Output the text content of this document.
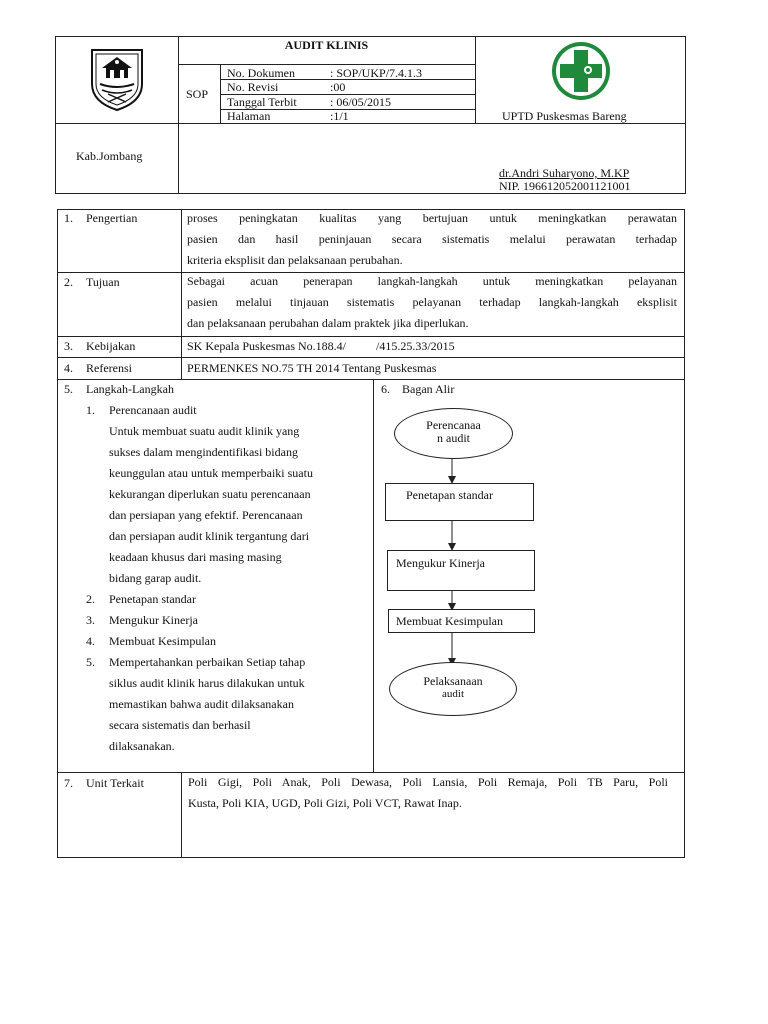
AUDIT KLINIS
SOP
No. Dokumen	: SOP/UKP/7.4.1.3
No. Revisi	:00
Tanggal Terbit	: 06/05/2015
Halaman	:1/1	UPTD Puskesmas Bareng
Kab.Jombang
dr.Andri Suharyono, M.KP
NIP. 196612052001121001
1. Pengertian	proses peningkatan kualitas yang bertujuan untuk meningkatkan perawatan
pasien dan hasil peninjauan secara sistematis melalui perawatan terhadap
kriteria eksplisit dan pelaksanaan perubahan.
2. Tujuan	Sebagai acuan penerapan langkah-langkah untuk meningkatkan pelayanan
pasien melalui tinjauan sistematis pelayanan terhadap langkah-langkah eksplisit
dan pelaksanaan perubahan dalam praktek jika diperlukan.
3. Kebijakan	SK Kepala Puskesmas No.188.4/          /415.25.33/2015
4. Referensi	PERMENKES NO.75 TH 2014 Tentang Puskesmas
5. Langkah-Langkah
1. Perencanaan audit
Untuk membuat suatu audit klinik yang
sukses dalam mengindentifikasi bidang
keunggulan atau untuk memperbaiki suatu
kekurangan diperlukan suatu perencanaan
dan persiapan yang efektif. Perencanaan
dan persiapan audit klinik tergantung dari
keadaan khusus dari masing masing
bidang garap audit.
2. Penetapan standar
3. Mengukur Kinerja
4. Membuat Kesimpulan
5. Mempertahankan perbaikan Setiap tahap
siklus audit klinik harus dilakukan untuk
memastikan bahwa audit dilaksanakan
secara sistematis dan berhasil
dilaksanakan.
6. Bagan Alir
Perencanaa
n audit
Penetapan standar
Mengukur Kinerja
Membuat Kesimpulan
Pelaksanaan
audit
7. Unit Terkait	Poli Gigi, Poli Anak, Poli Dewasa, Poli Lansia, Poli Remaja, Poli TB Paru, Poli
Kusta, Poli KIA, UGD, Poli Gizi, Poli VCT, Rawat Inap.
